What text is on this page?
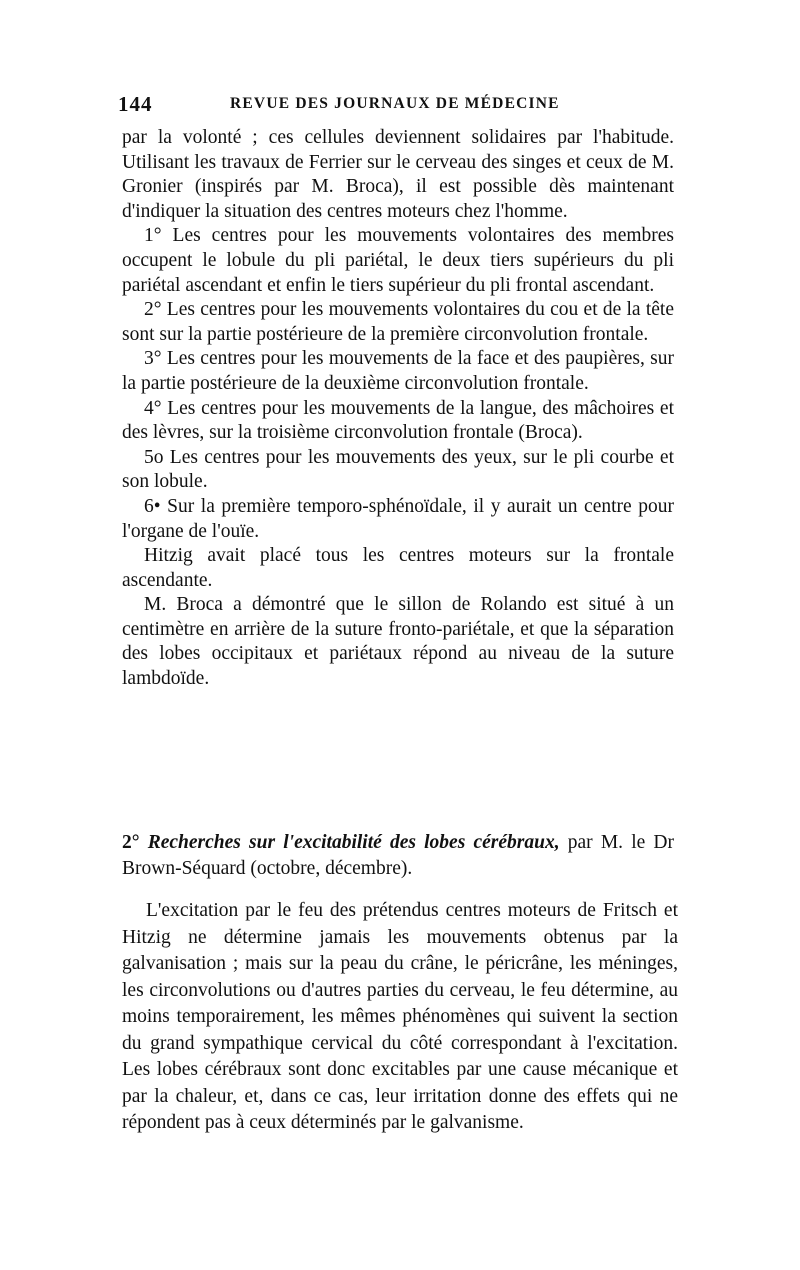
144	REVUE DES JOURNAUX DE MÉDECINE

par la volonté ; ces cellules deviennent solidaires par l'habitude. Utilisant les travaux de Ferrier sur le cerveau des singes et ceux de M. Gronier (inspirés par M. Broca), il est possible dès maintenant d'indiquer la situation des centres moteurs chez l'homme.

1° Les centres pour les mouvements volontaires des membres occupent le lobule du pli pariétal, le deux tiers supérieurs du pli pariétal ascendant et enfin le tiers supérieur du pli frontal ascendant.

2° Les centres pour les mouvements volontaires du cou et de la tête sont sur la partie postérieure de la première circonvolution frontale.

3° Les centres pour les mouvements de la face et des paupières, sur la partie postérieure de la deuxième circonvolution frontale.

4° Les centres pour les mouvements de la langue, des mâchoires et des lèvres, sur la troisième circonvolution frontale (Broca).

5o Les centres pour les mouvements des yeux, sur le pli courbe et son lobule.

6• Sur la première temporo-sphénoïdale, il y aurait un centre pour l'organe de l'ouïe.

Hitzig avait placé tous les centres moteurs sur la frontale ascendante.

M. Broca a démontré que le sillon de Rolando est situé à un centimètre en arrière de la suture fronto-pariétale, et que la séparation des lobes occipitaux et pariétaux répond au niveau de la suture lambdoïde.

2° Recherches sur l'excitabilité des lobes cérébraux, par M. le Dr Brown-Séquard (octobre, décembre).

L'excitation par le feu des prétendus centres moteurs de Fritsch et Hitzig ne détermine jamais les mouvements obtenus par la galvanisation ; mais sur la peau du crâne, le péricrâne, les méninges, les circonvolutions ou d'autres parties du cerveau, le feu détermine, au moins temporairement, les mêmes phénomènes qui suivent la section du grand sympathique cervical du côté correspondant à l'excitation. Les lobes cérébraux sont donc excitables par une cause mécanique et par la chaleur, et, dans ce cas, leur irritation donne des effets qui ne répondent pas à ceux déterminés par le galvanisme.
